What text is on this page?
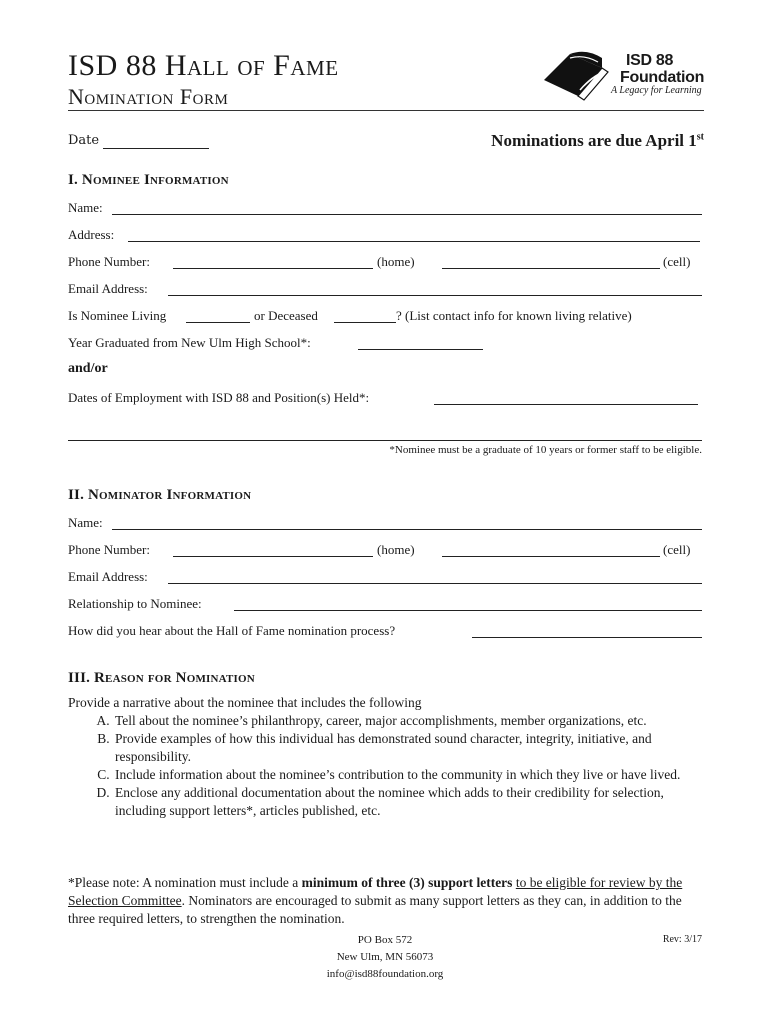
ISD 88 Hall of Fame
Nomination Form
ISD 88
Foundation
A Legacy for Learning
Date	Nominations are due April 1st
I. Nominee Information
Name:
Address:
Phone Number:	(home)	(cell)
Email Address:
Is Nominee Living	or Deceased	? (List contact info for known living relative)
Year Graduated from New Ulm High School*:
and/or
Dates of Employment with ISD 88 and Position(s) Held*:
*Nominee must be a graduate of 10 years or former staff to be eligible.
II. Nominator Information
Name:
Phone Number:	(home)	(cell)
Email Address:
Relationship to Nominee:
How did you hear about the Hall of Fame nomination process?
III. Reason for Nomination
Provide a narrative about the nominee that includes the following
A. Tell about the nominee’s philanthropy, career, major accomplishments, member organizations, etc.
B. Provide examples of how this individual has demonstrated sound character, integrity, initiative, and responsibility.
C. Include information about the nominee’s contribution to the community in which they live or have lived.
D. Enclose any additional documentation about the nominee which adds to their credibility for selection, including support letters*, articles published, etc.
*Please note: A nomination must include a minimum of three (3) support letters to be eligible for review by the Selection Committee. Nominators are encouraged to submit as many support letters as they can, in addition to the three required letters, to strengthen the nomination.
PO Box 572
New Ulm, MN 56073
info@isd88foundation.org
Rev: 3/17
